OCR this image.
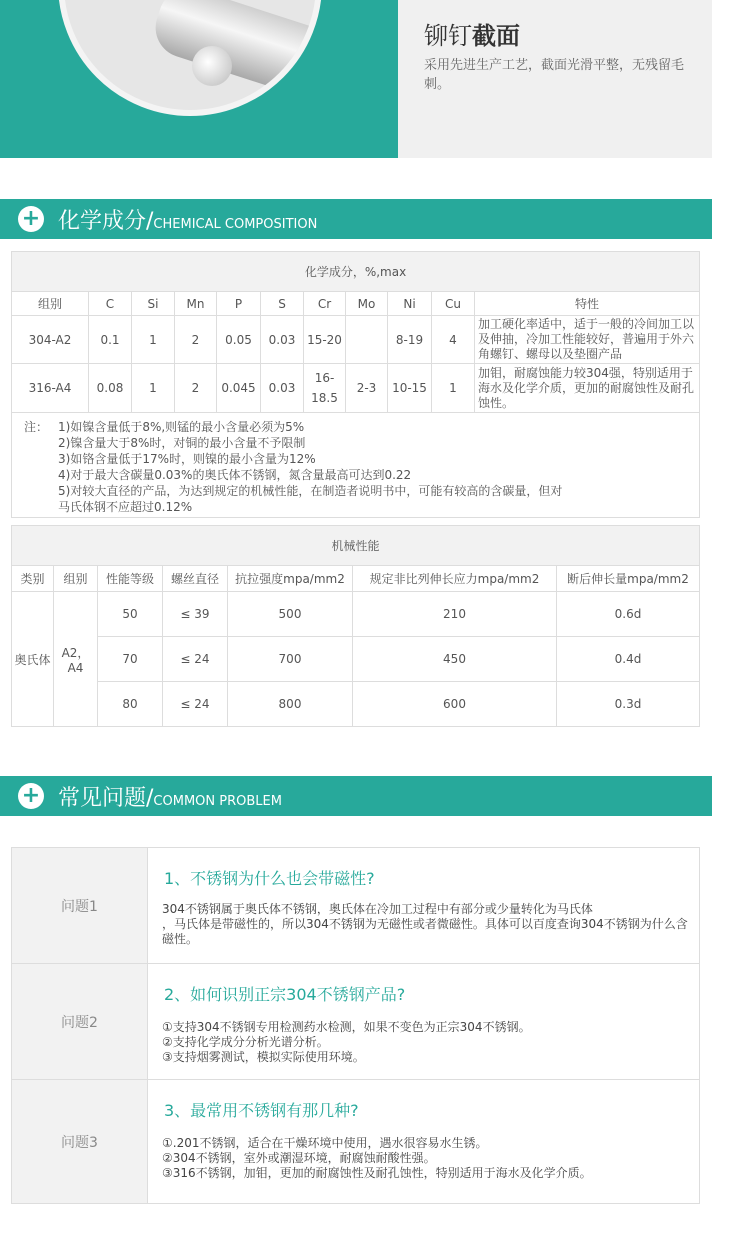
铆钉截面
采用先进生产工艺，截面光滑平整，无残留毛刺。
+ 化学成分/CHEMICAL COMPOSITION
化学成分，%,max										
组别	C	Si	Mn	P	S	Cr	Mo	Ni	Cu	特性
304-A2	0.1	1	2	0.05	0.03	15-20		8-19	4	加工硬化率适中，适于一般的冷间加工以及伸抽，冷加工性能较好，普遍用于外六角螺钉、螺母以及垫圈产品
316-A4	0.08	1	2	0.045	0.03	16-18.5	2-3	10-15	1	加钼，耐腐蚀能力较304强，特别适用于海水及化学介质，更加的耐腐蚀性及耐孔蚀性。
注： 1)如镍含量低于8%,则锰的最小含量必须为5%
2)镍含量大于8%时，对铜的最小含量不予限制
3)如铬含量低于17%时，则镍的最小含量为12%
4)对于最大含碳量0.03%的奥氏体不锈钢，氮含量最高可达到0.22
5)对较大直径的产品，为达到规定的机械性能，在制造者说明书中，可能有较高的含碳量，但对
马氏体钢不应超过0.12%
机械性能						
类别	组别	性能等级	螺丝直径	抗拉强度mpa/mm2	规定非比列伸长应力mpa/mm2	断后伸长量mpa/mm2
奥氏体	A2，A4	50	≤ 39	500	210	0.6d
		70	≤ 24	700	450	0.4d
		80	≤ 24	800	600	0.3d
+ 常见问题/COMMON PROBLEM
问题1
1、不锈钢为什么也会带磁性?
304不锈钢属于奥氏体不锈钢，奥氏体在冷加工过程中有部分或少量转化为马氏体
，马氏体是带磁性的，所以304不锈钢为无磁性或者微磁性。具体可以百度查询304不锈钢为什么含磁性。
问题2
2、如何识别正宗304不锈钢产品?
①支持304不锈钢专用检测药水检测，如果不变色为正宗304不锈钢。
②支持化学成分分析光谱分析。
③支持烟雾测试，模拟实际使用环境。
问题3
3、最常用不锈钢有那几种?
①.201不锈钢，适合在干燥环境中使用，遇水很容易水生锈。
②304不锈钢，室外或潮湿环境，耐腐蚀耐酸性强。
③316不锈钢，加钼，更加的耐腐蚀性及耐孔蚀性，特别适用于海水及化学介质。
